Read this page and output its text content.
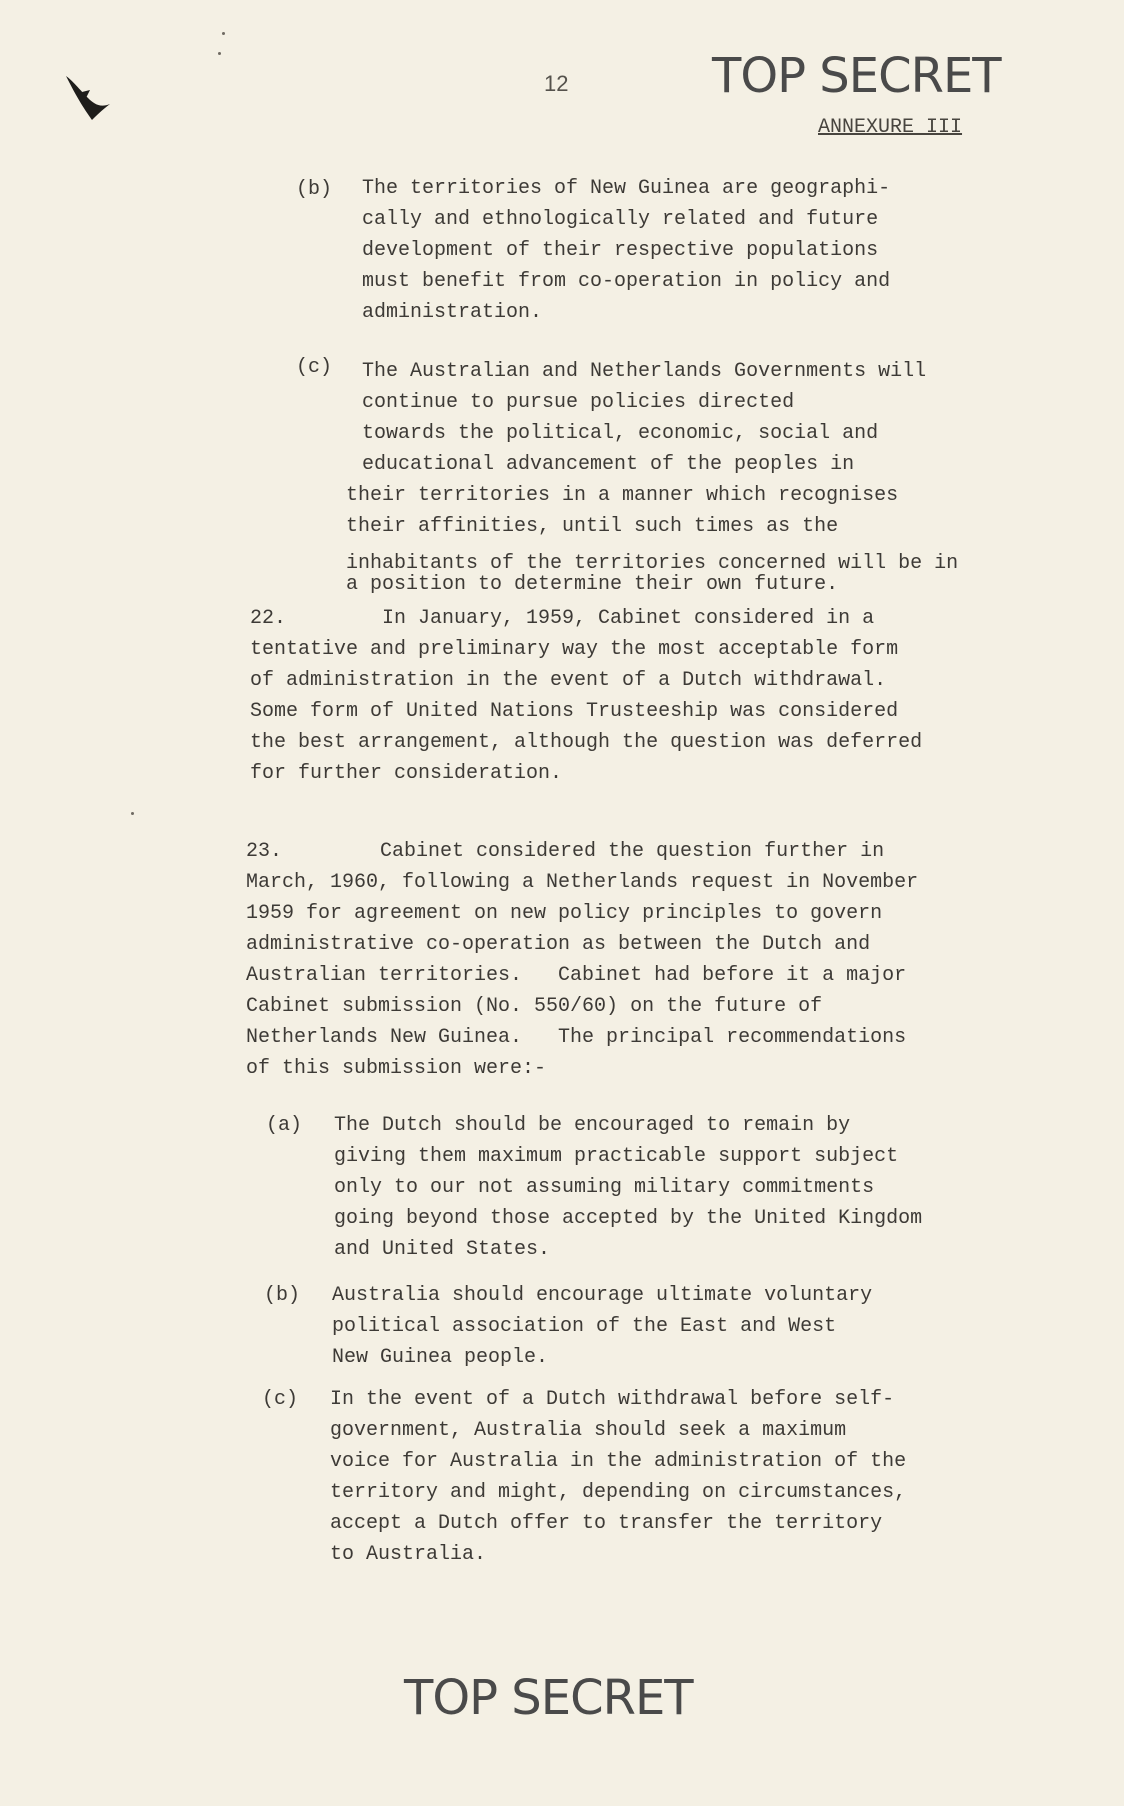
12	TOP SECRET
ANNEXURE III
(b) The territories of New Guinea are geographi-
cally and ethnologically related and future
development of their respective populations
must benefit from co-operation in policy and
administration.
(c) The Australian and Netherlands Governments will
continue to pursue policies directed
towards the political, economic, social and
educational advancement of the peoples in
their territories in a manner which recognises
their affinities, until such times as the
inhabitants of the territories concerned will be in
a position to determine their own future.
22.	In January, 1959, Cabinet considered in a
tentative and preliminary way the most acceptable form
of administration in the event of a Dutch withdrawal.
Some form of United Nations Trusteeship was considered
the best arrangement, although the question was deferred
for further consideration.
23.	Cabinet considered the question further in
March, 1960, following a Netherlands request in November
1959 for agreement on new policy principles to govern
administrative co-operation as between the Dutch and
Australian territories.   Cabinet had before it a major
Cabinet submission (No. 550/60) on the future of
Netherlands New Guinea.   The principal recommendations
of this submission were:-
(a) The Dutch should be encouraged to remain by
giving them maximum practicable support subject
only to our not assuming military commitments
going beyond those accepted by the United Kingdom
and United States.
(b) Australia should encourage ultimate voluntary
political association of the East and West
New Guinea people.
(c) In the event of a Dutch withdrawal before self-
government, Australia should seek a maximum
voice for Australia in the administration of the
territory and might, depending on circumstances,
accept a Dutch offer to transfer the territory
to Australia.
TOP SECRET
